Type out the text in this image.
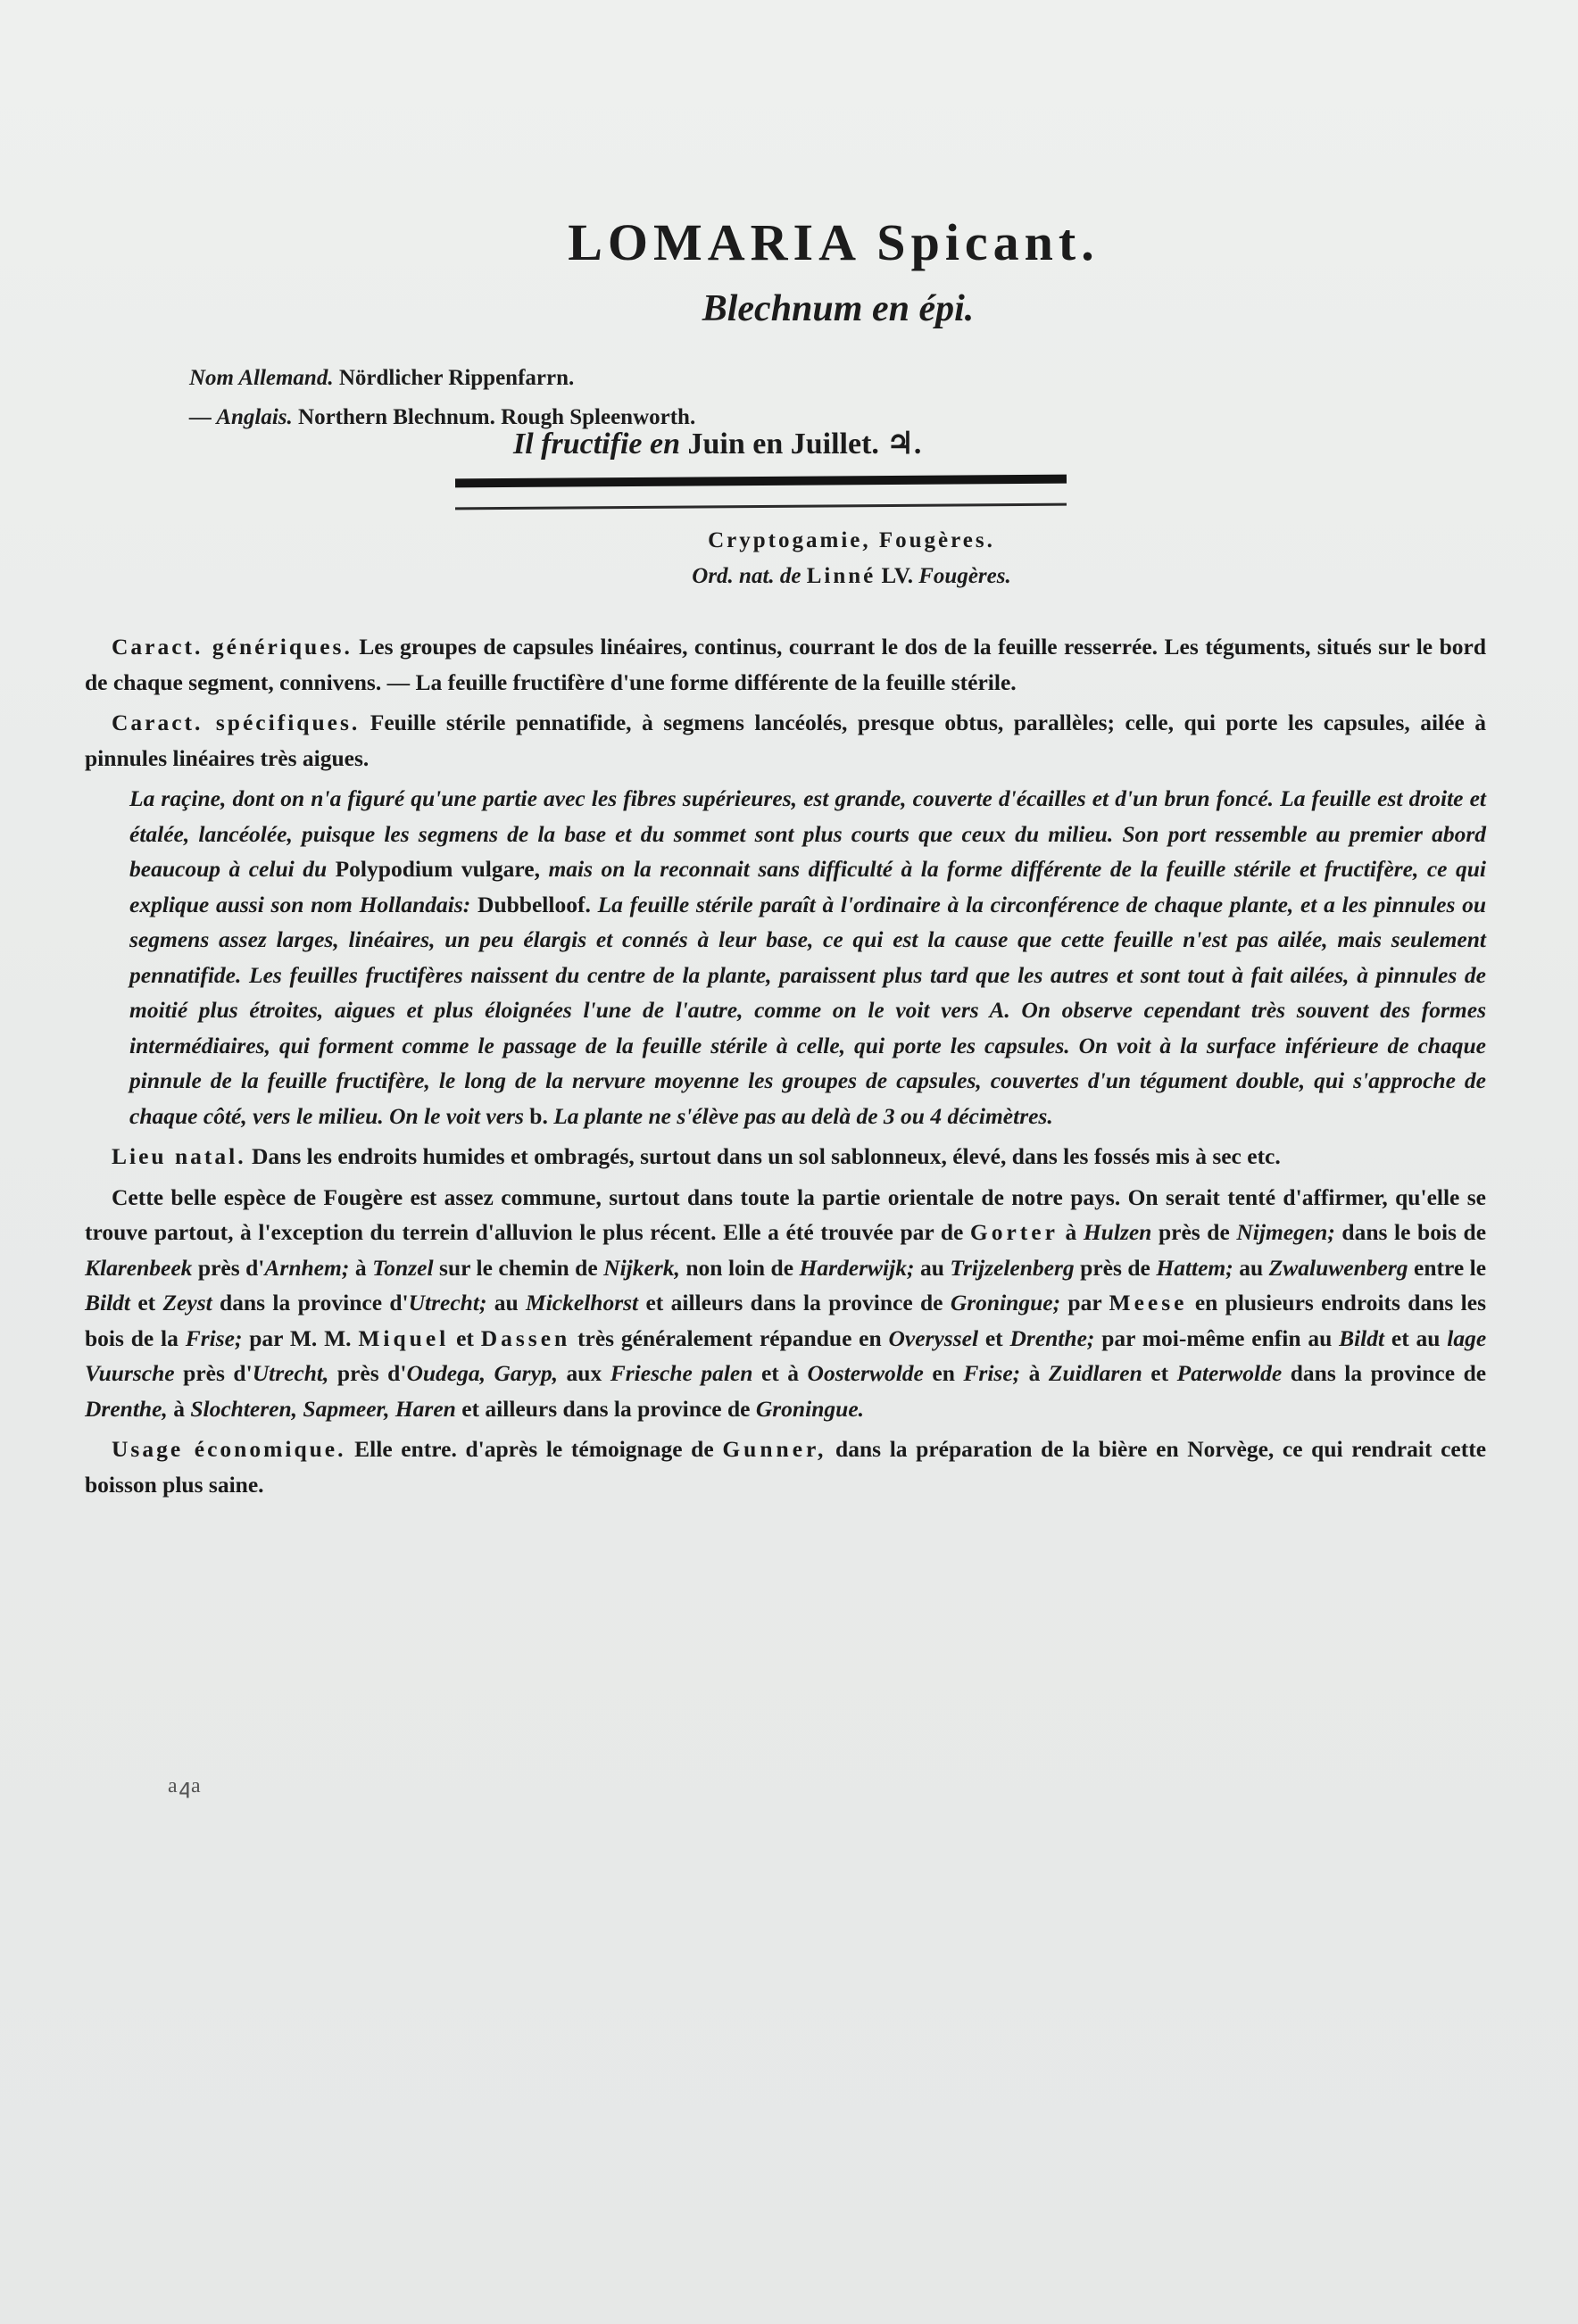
LOMARIA Spicant.
Blechnum en épi.
Nom Allemand. Nördlicher Rippenfarrn.
— Anglais. Northern Blechnum. Rough Spleenworth.
Il fructifie en Juin en Juillet. ♃.
Cryptogamie, Fougères.
Ord. nat. de Linné LV. Fougères.

Caract. génériques. Les groupes de capsules linéaires, continus, courrant le dos de la feuille resserrée. Les téguments, situés sur le bord de chaque segment, connivens. — La feuille fructifère d'une forme différente de la feuille stérile.

Caract. spécifiques. Feuille stérile pennatifide, à segmens lancéolés, presque obtus, parallèles; celle, qui porte les capsules, ailée à pinnules linéaires très aigues.

La raçine, dont on n'a figuré qu'une partie avec les fibres supérieures, est grande, couverte d'écailles et d'un brun foncé. La feuille est droite et étalée, lancéolée, puisque les segmens de la base et du sommet sont plus courts que ceux du milieu. Son port ressemble au premier abord beaucoup à celui du Polypodium vulgare, mais on la reconnait sans difficulté à la forme différente de la feuille stérile et fructifère, ce qui explique aussi son nom Hollandais: Dubbelloof. La feuille stérile paraît à l'ordinaire à la circonférence de chaque plante, et a les pinnules ou segmens assez larges, linéaires, un peu élargis et connés à leur base, ce qui est la cause que cette feuille n'est pas ailée, mais seulement pennatifide. Les feuilles fructifères naissent du centre de la plante, paraissent plus tard que les autres et sont tout à fait ailées, à pinnules de moitié plus étroites, aigues et plus éloignées l'une de l'autre, comme on le voit vers A. On observe cependant très souvent des formes intermédiaires, qui forment comme le passage de la feuille stérile à celle, qui porte les capsules. On voit à la surface inférieure de chaque pinnule de la feuille fructifère, le long de la nervure moyenne les groupes de capsules, couvertes d'un tégument double, qui s'approche de chaque côté, vers le milieu. On le voit vers b. La plante ne s'élève pas au delà de 3 ou 4 décimètres.

Lieu natal. Dans les endroits humides et ombragés, surtout dans un sol sablonneux, élevé, dans les fossés mis à sec etc.

Cette belle espèce de Fougère est assez commune, surtout dans toute la partie orientale de notre pays. On serait tenté d'affirmer, qu'elle se trouve partout, à l'exception du terrein d'alluvion le plus récent. Elle a été trouvée par de Gorter à Hulzen près de Nijmegen; dans le bois de Klarenbeek près d'Arnhem; à Tonzel sur le chemin de Nijkerk, non loin de Harderwijk; au Trijzelenberg près de Hattem; au Zwaluwenberg entre le Bildt et Zeyst dans la province d'Utrecht; au Mickelhorst et ailleurs dans la province de Groningue; par Meese en plusieurs endroits dans les bois de la Frise; par M. M. Miquel et Dassen très généralement répandue en Overyssel et Drenthe; par moi-même enfin au Bildt et au lage Vuursche près d'Utrecht, près d'Oudega, Garyp, aux Friesche palen et à Oosterwolde en Frise; à Zuidlaren et Paterwolde dans la province de Drenthe, à Slochteren, Sapmeer, Haren et ailleurs dans la province de Groningue.

Usage économique. Elle entre. d'après le témoignage de Gunner, dans la préparation de la bière en Norvège, ce qui rendrait cette boisson plus saine.

ɐ߈ɐ
